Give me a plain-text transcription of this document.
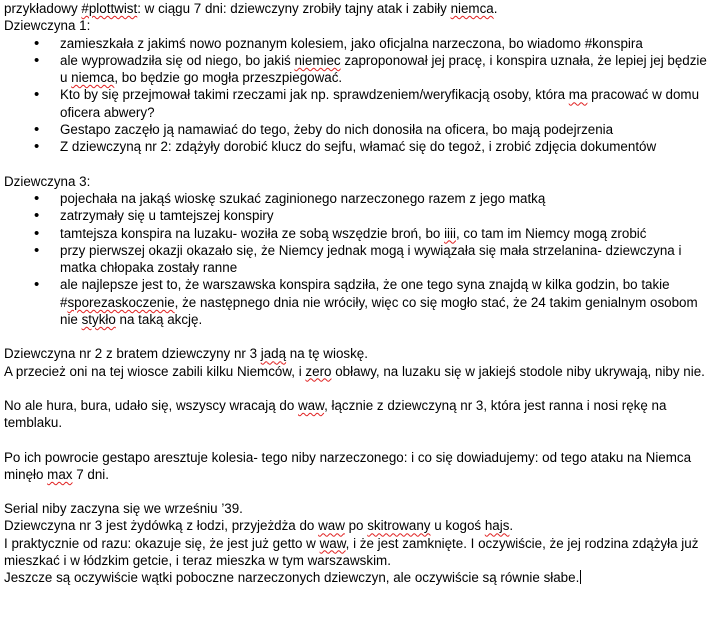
przykładowy #plottwist: w ciągu 7 dni: dziewczyny zrobiły tajny atak i zabiły niemca.

Dziewczyna 1:

• zamieszkała z jakimś nowo poznanym kolesiem, jako oficjalna narzeczona, bo wiadomo #konspira
• ale wyprowadziła się od niego, bo jakiś niemiec zaproponował jej pracę, i konspira uznała, że lepiej jej będzie u niemca, bo będzie go mogła przeszpiegować.
• Kto by się przejmował takimi rzeczami jak np. sprawdzeniem/weryfikacją osoby, która ma pracować w domu oficera abwery?
• Gestapo zaczęło ją namawiać do tego, żeby do nich donosiła na oficera, bo mają podejrzenia
• Z dziewczyną nr 2: zdążyły dorobić klucz do sejfu, włamać się do tegoż, i zrobić zdjęcia dokumentów

Dziewczyna 3:

• pojechała na jakąś wioskę szukać zaginionego narzeczonego razem z jego matką
• zatrzymały się u tamtejszej konspiry
• tamtejsza konspira na luzaku- woziła ze sobą wszędzie broń, bo iiii, co tam im Niemcy mogą zrobić
• przy pierwszej okazji okazało się, że Niemcy jednak mogą i wywiązała się mała strzelanina- dziewczyna i matka chłopaka zostały ranne
• ale najlepsze jest to, że warszawska konspira sądziła, że one tego syna znajdą w kilka godzin, bo takie #sporezaskoczenie, że następnego dnia nie wróciły, więc co się mogło stać, że 24 takim genialnym osobom nie stykło na taką akcję.

Dziewczyna nr 2 z bratem dziewczyny nr 3 jadą na tę wioskę.

A przecież oni na tej wiosce zabili kilku Niemców, i zero obławy, na luzaku się w jakiejś stodole niby ukrywają, niby nie.

No ale hura, bura, udało się, wszyscy wracają do waw, łącznie z dziewczyną nr 3, która jest ranna i nosi rękę na temblaku.

Po ich powrocie gestapo aresztuje kolesia- tego niby narzeczonego: i co się dowiadujemy: od tego ataku na Niemca minęło max 7 dni.

Serial niby zaczyna się we wrześniu ’39.

Dziewczyna nr 3 jest żydówką z łodzi, przyjeżdża do waw po skitrowany u kogoś hajs.

I praktycznie od razu: okazuje się, że jest już getto w waw, i że jest zamknięte. I oczywiście, że jej rodzina zdążyła już mieszkać i w łódzkim getcie, i teraz mieszka w tym warszawskim.

Jeszcze są oczywiście wątki poboczne narzeczonych dziewczyn, ale oczywiście są równie słabe.
